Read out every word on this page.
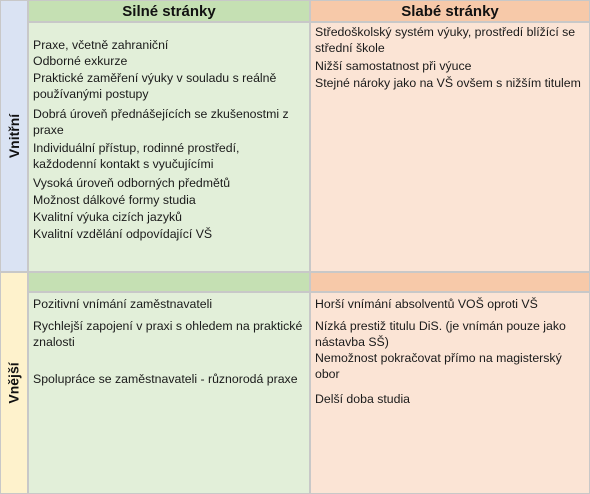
Vnitřní
Vnější
Silné stránky	Slabé stránky
Praxe, včetně zahraniční
Odborné exkurze
Praktické zaměření výuky v souladu s reálně používanými postupy
Dobrá úroveň přednášejících se zkušenostmi z praxe
Individuální přístup, rodinné prostředí, každodenní kontakt s vyučujícími
Vysoká úroveň odborných předmětů
Možnost dálkové formy studia
Kvalitní výuka cizích jazyků
Kvalitní vzdělání odpovídající VŠ
Středoškolský systém výuky, prostředí blížící se střední škole
Nižší samostatnost při výuce
Stejné nároky jako na VŠ ovšem s nižším titulem
Pozitivní vnímání zaměstnavateli
Rychlejší zapojení v praxi s ohledem na praktické znalosti
Spolupráce se zaměstnavateli - různorodá praxe
Horší vnímání absolventů VOŠ oproti VŠ
Nízká prestiž titulu DiS. (je vnímán pouze jako nástavba SŠ)
Nemožnost pokračovat přímo na magisterský obor
Delší doba studia
